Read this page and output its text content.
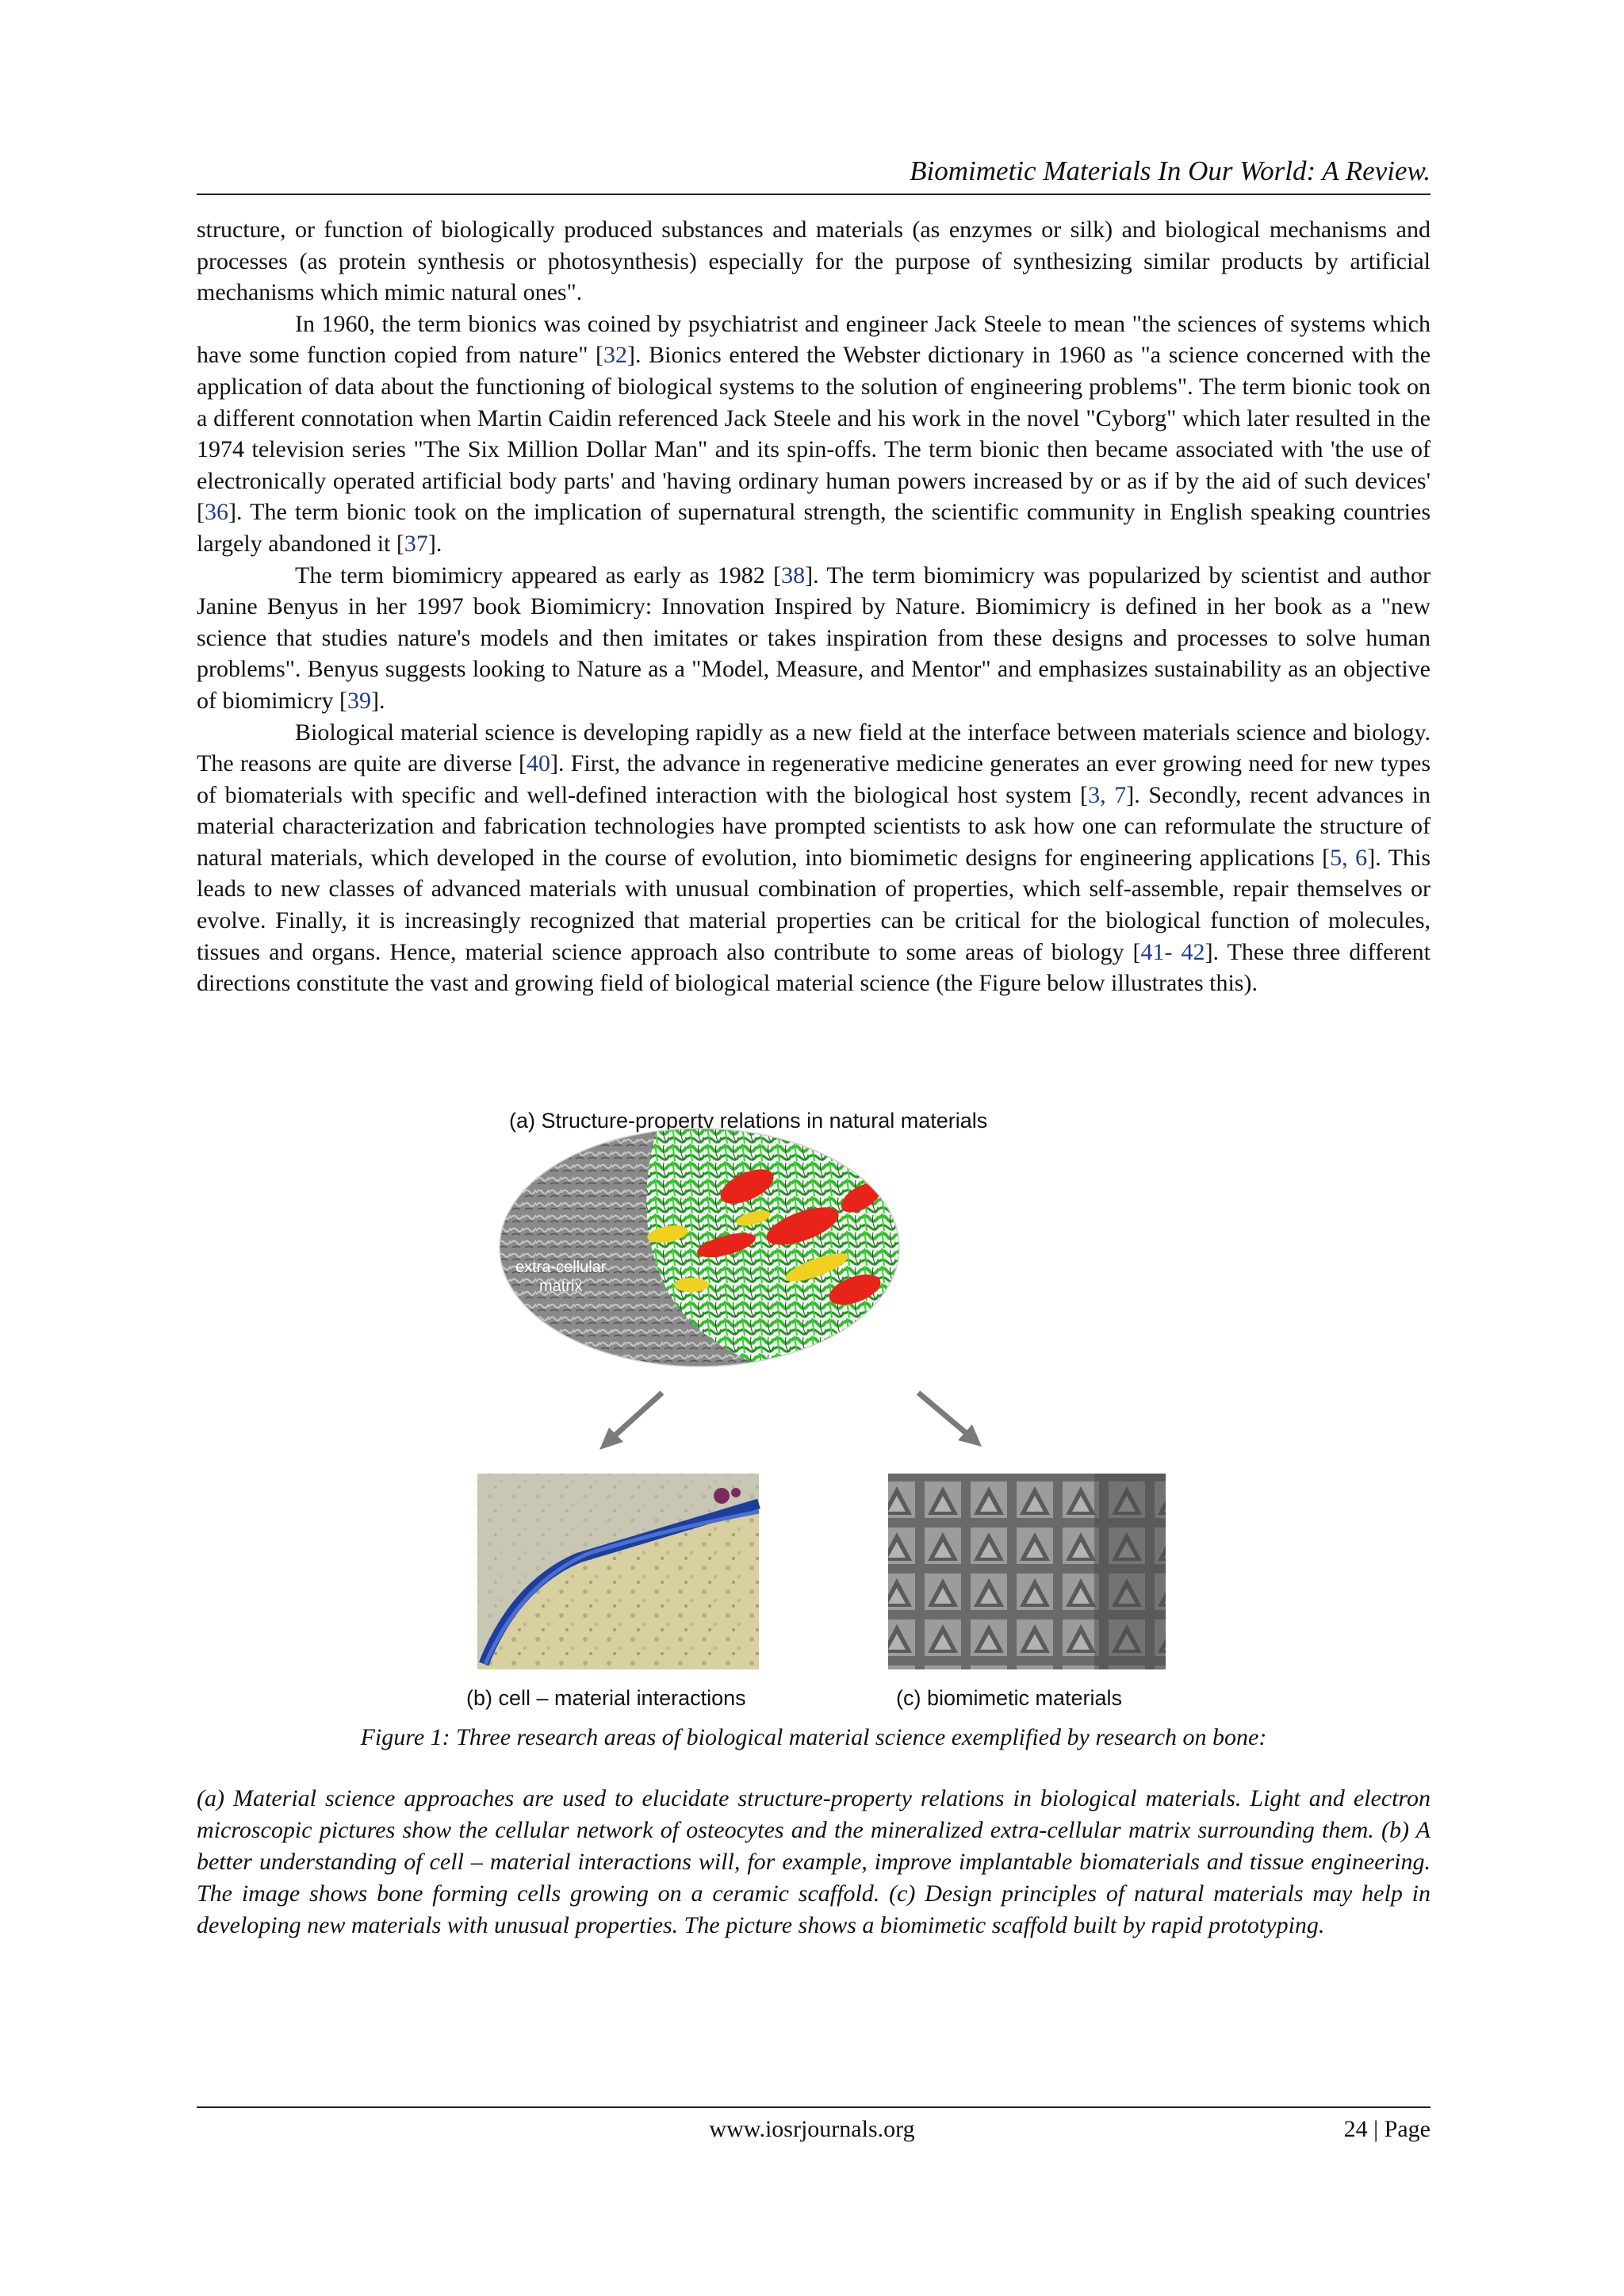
Biomimetic Materials In Our World: A Review.

structure, or function of biologically produced substances and materials (as enzymes or silk) and biological mechanisms and processes (as protein synthesis or photosynthesis) especially for the purpose of synthesizing similar products by artificial mechanisms which mimic natural ones".

In 1960, the term bionics was coined by psychiatrist and engineer Jack Steele to mean "the sciences of systems which have some function copied from nature" [32]. Bionics entered the Webster dictionary in 1960 as "a science concerned with the application of data about the functioning of biological systems to the solution of engineering problems". The term bionic took on a different connotation when Martin Caidin referenced Jack Steele and his work in the novel "Cyborg" which later resulted in the 1974 television series "The Six Million Dollar Man" and its spin-offs. The term bionic then became associated with 'the use of electronically operated artificial body parts' and 'having ordinary human powers increased by or as if by the aid of such devices' [36]. The term bionic took on the implication of supernatural strength, the scientific community in English speaking countries largely abandoned it [37].

The term biomimicry appeared as early as 1982 [38]. The term biomimicry was popularized by scientist and author Janine Benyus in her 1997 book Biomimicry: Innovation Inspired by Nature. Biomimicry is defined in her book as a "new science that studies nature's models and then imitates or takes inspiration from these designs and processes to solve human problems". Benyus suggests looking to Nature as a "Model, Measure, and Mentor" and emphasizes sustainability as an objective of biomimicry [39].

Biological material science is developing rapidly as a new field at the interface between materials science and biology. The reasons are quite are diverse [40]. First, the advance in regenerative medicine generates an ever growing need for new types of biomaterials with specific and well-defined interaction with the biological host system [3, 7]. Secondly, recent advances in material characterization and fabrication technologies have prompted scientists to ask how one can reformulate the structure of natural materials, which developed in the course of evolution, into biomimetic designs for engineering applications [5, 6]. This leads to new classes of advanced materials with unusual combination of properties, which self-assemble, repair themselves or evolve. Finally, it is increasingly recognized that material properties can be critical for the biological function of molecules, tissues and organs. Hence, material science approach also contribute to some areas of biology [41- 42]. These three different directions constitute the vast and growing field of biological material science (the Figure below illustrates this).

(a) Structure-property relations in natural materials
extra-cellular
matrix
cellular
network
(b) cell – material interactions	(c) biomimetic materials
Figure 1: Three research areas of biological material science exemplified by research on bone:

(a) Material science approaches are used to elucidate structure-property relations in biological materials. Light and electron microscopic pictures show the cellular network of osteocytes and the mineralized extra-cellular matrix surrounding them. (b) A better understanding of cell – material interactions will, for example, improve implantable biomaterials and tissue engineering. The image shows bone forming cells growing on a ceramic scaffold. (c) Design principles of natural materials may help in developing new materials with unusual properties. The picture shows a biomimetic scaffold built by rapid prototyping.

www.iosrjournals.org	24 | Page
